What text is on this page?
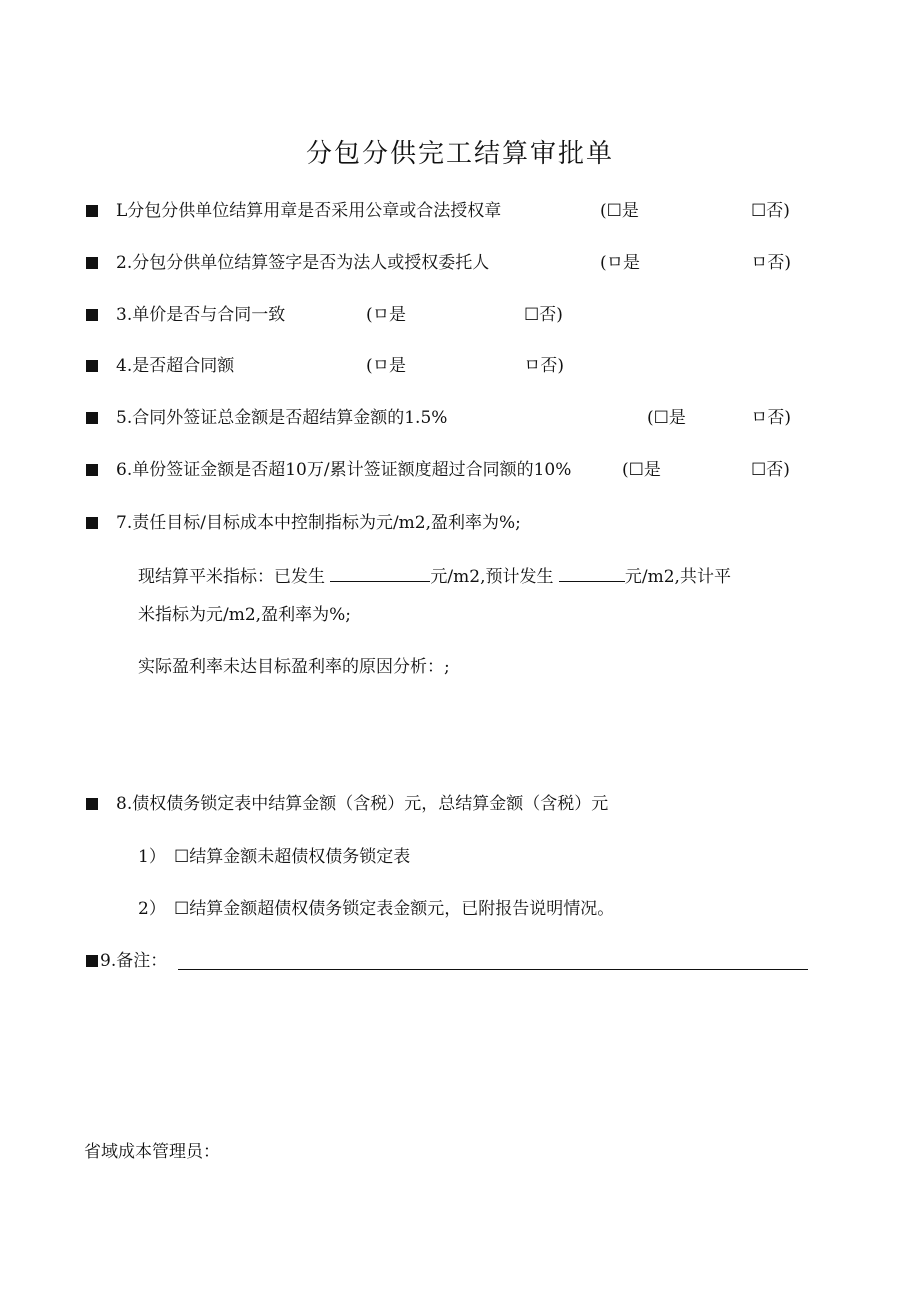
分包分供完工结算审批单
L分包分供单位结算用章是否采用公章或合法授权章	(☐是	☐否)
2.分包分供单位结算签字是否为法人或授权委托人	(ㅁ是	ㅁ否)
3.单价是否与合同一致	(ㅁ是	☐否)
4.是否超合同额	(ㅁ是	ㅁ否)
5.合同外签证总金额是否超结算金额的1.5%	(☐是	ㅁ否)
6.单份签证金额是否超10万/累计签证额度超过合同额的10%	(☐是	☐否)
7.责任目标/目标成本中控制指标为元/m2,盈利率为%;
现结算平米指标：已发生	元/m2,预计发生	元/m2,共计平
米指标为元/m2,盈利率为%;
实际盈利率未达目标盈利率的原因分析：;
8.债权债务锁定表中结算金额（含税）元，总结算金额（含税）元
1） ☐结算金额未超债权债务锁定表
2） ☐结算金额超债权债务锁定表金额元，已附报告说明情况。
9.备注：
省域成本管理员：
